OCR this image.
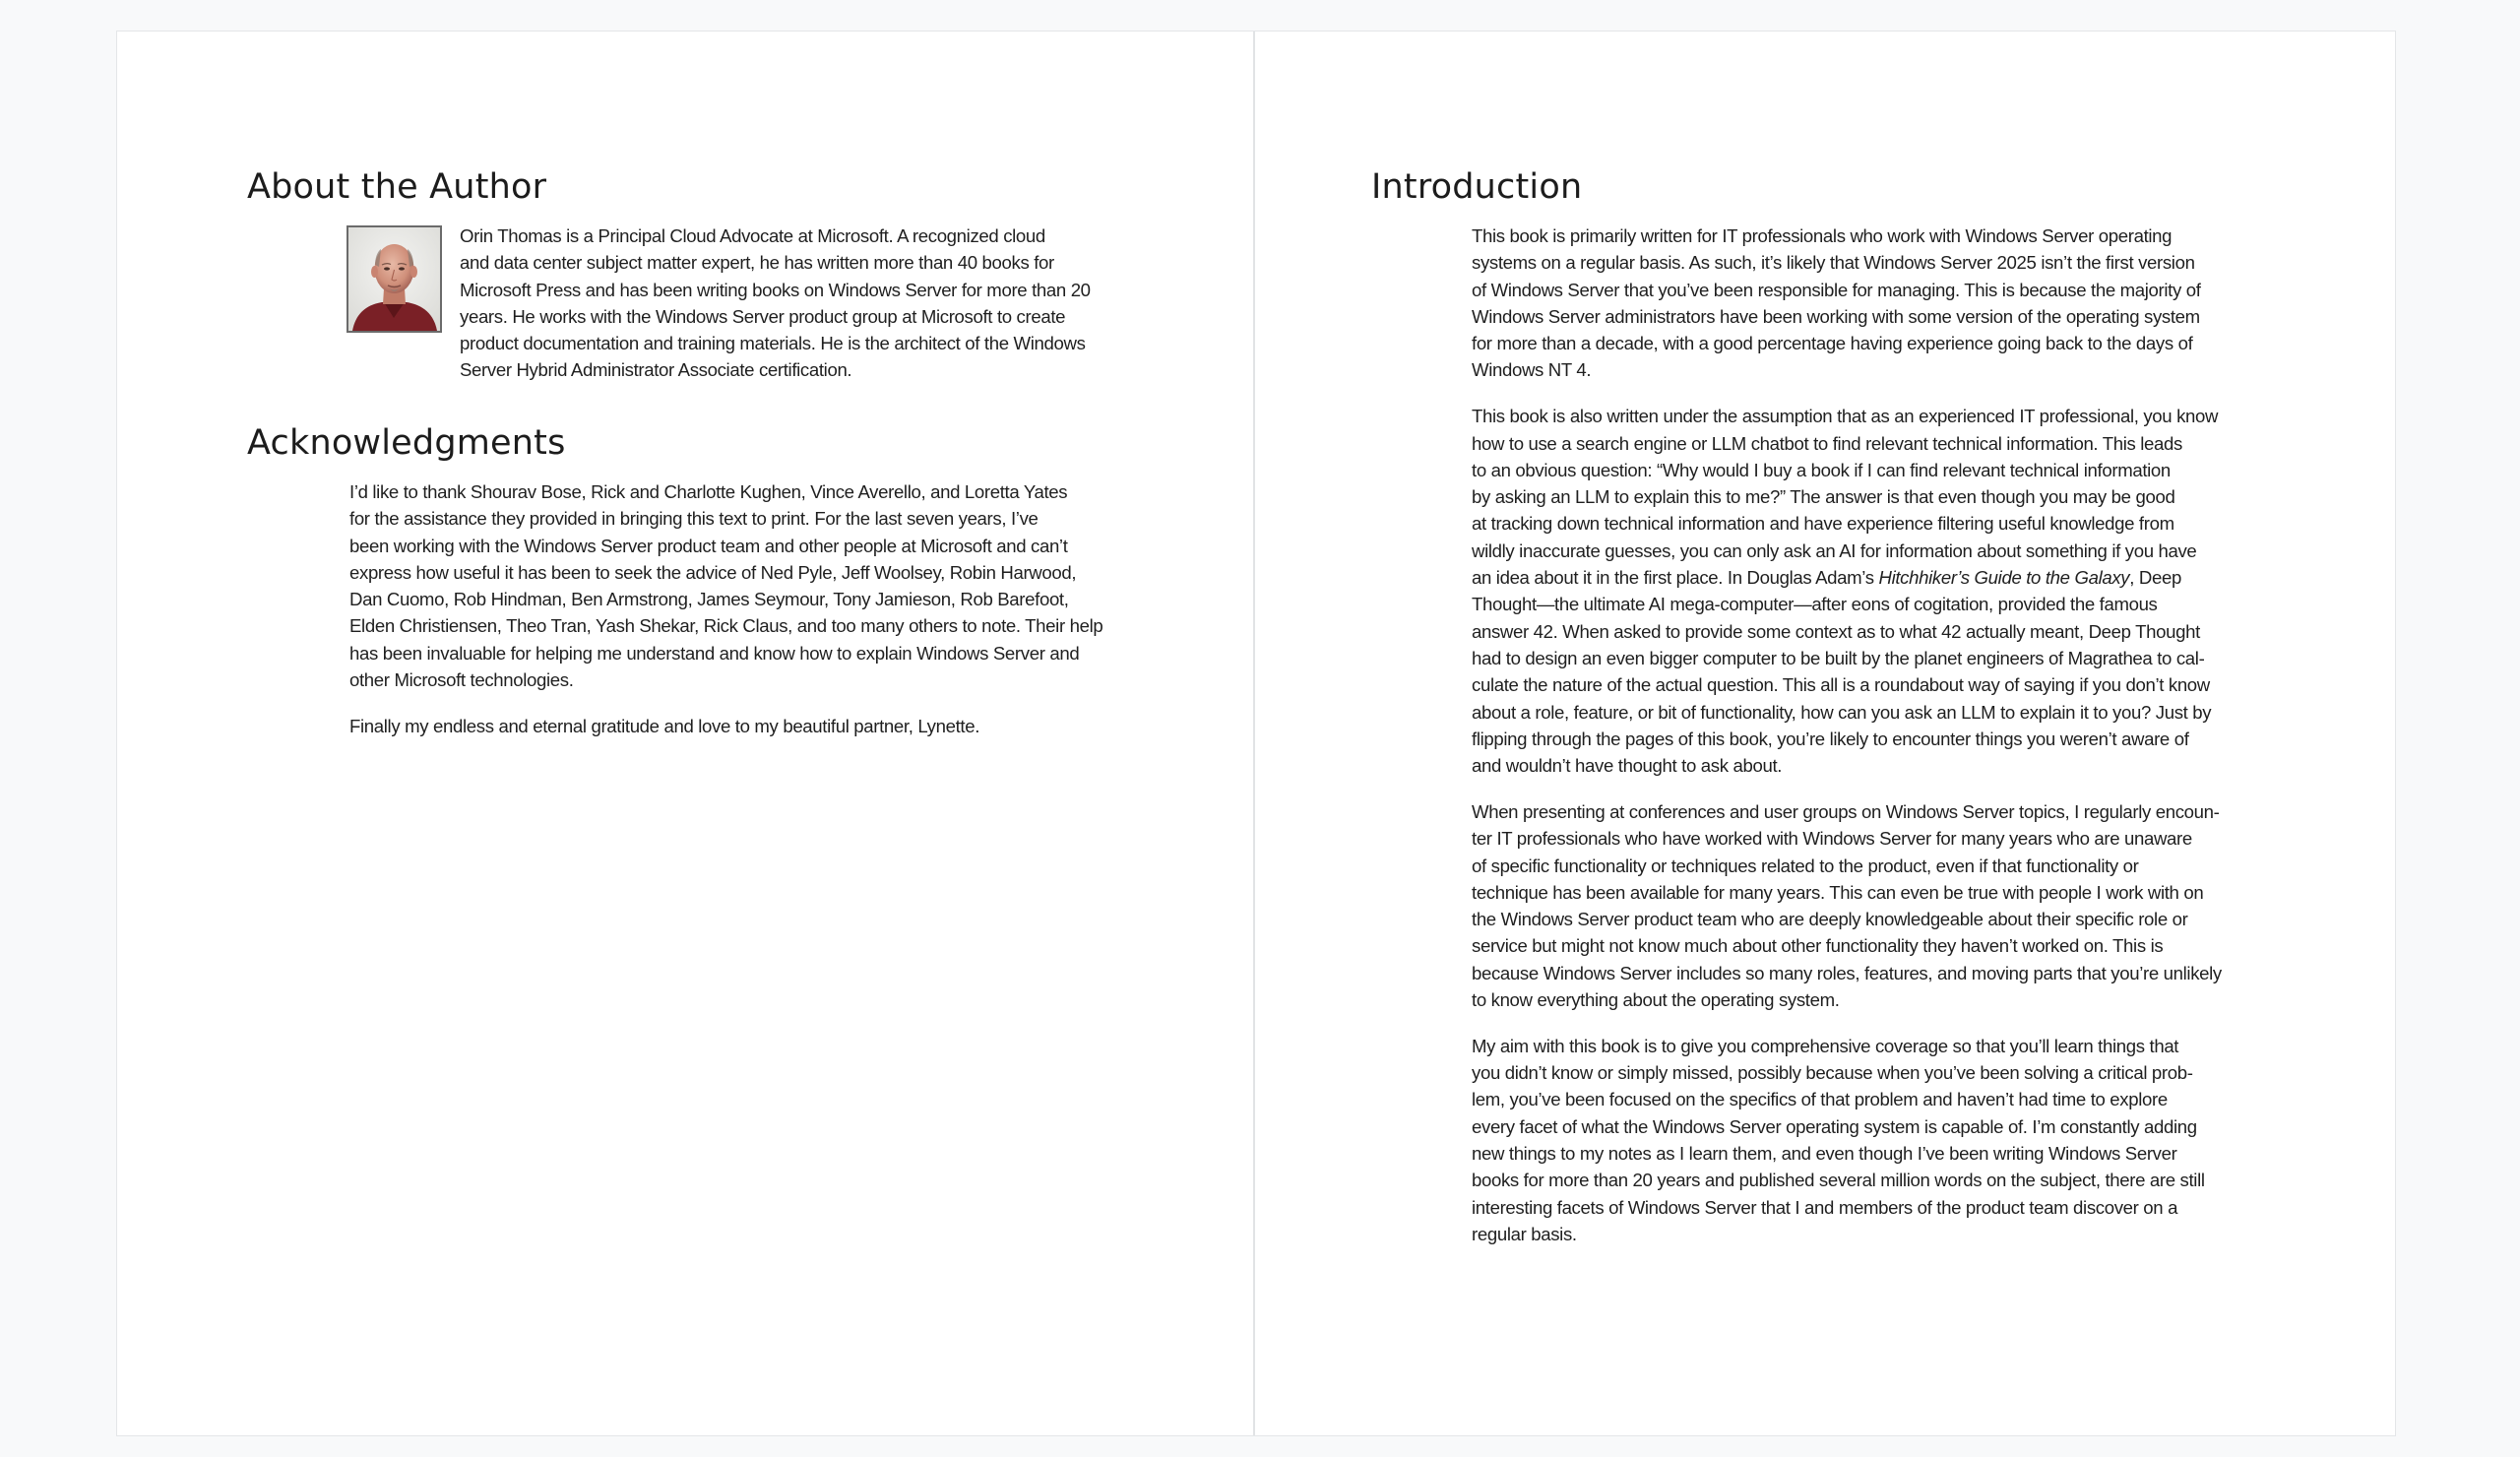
About the Author

Orin Thomas is a Principal Cloud Advocate at Microsoft. A recognized cloud
and data center subject matter expert, he has written more than 40 books for
Microsoft Press and has been writing books on Windows Server for more than 20
years. He works with the Windows Server product group at Microsoft to create
product documentation and training materials. He is the architect of the Windows
Server Hybrid Administrator Associate certification.

Acknowledgments

I’d like to thank Shourav Bose, Rick and Charlotte Kughen, Vince Averello, and Loretta Yates
for the assistance they provided in bringing this text to print. For the last seven years, I’ve
been working with the Windows Server product team and other people at Microsoft and can’t
express how useful it has been to seek the advice of Ned Pyle, Jeff Woolsey, Robin Harwood,
Dan Cuomo, Rob Hindman, Ben Armstrong, James Seymour, Tony Jamieson, Rob Barefoot,
Elden Christiensen, Theo Tran, Yash Shekar, Rick Claus, and too many others to note. Their help
has been invaluable for helping me understand and know how to explain Windows Server and
other Microsoft technologies.

Finally my endless and eternal gratitude and love to my beautiful partner, Lynette.

Introduction

This book is primarily written for IT professionals who work with Windows Server operating
systems on a regular basis. As such, it’s likely that Windows Server 2025 isn’t the first version
of Windows Server that you’ve been responsible for managing. This is because the majority of
Windows Server administrators have been working with some version of the operating system
for more than a decade, with a good percentage having experience going back to the days of
Windows NT 4.

This book is also written under the assumption that as an experienced IT professional, you know
how to use a search engine or LLM chatbot to find relevant technical information. This leads
to an obvious question: “Why would I buy a book if I can find relevant technical information
by asking an LLM to explain this to me?” The answer is that even though you may be good
at tracking down technical information and have experience filtering useful knowledge from
wildly inaccurate guesses, you can only ask an AI for information about something if you have
an idea about it in the first place. In Douglas Adam’s Hitchhiker’s Guide to the Galaxy, Deep
Thought—the ultimate AI mega-computer—after eons of cogitation, provided the famous
answer 42. When asked to provide some context as to what 42 actually meant, Deep Thought
had to design an even bigger computer to be built by the planet engineers of Magrathea to cal-
culate the nature of the actual question. This all is a roundabout way of saying if you don’t know
about a role, feature, or bit of functionality, how can you ask an LLM to explain it to you? Just by
flipping through the pages of this book, you’re likely to encounter things you weren’t aware of
and wouldn’t have thought to ask about.

When presenting at conferences and user groups on Windows Server topics, I regularly encoun-
ter IT professionals who have worked with Windows Server for many years who are unaware
of specific functionality or techniques related to the product, even if that functionality or
technique has been available for many years. This can even be true with people I work with on
the Windows Server product team who are deeply knowledgeable about their specific role or
service but might not know much about other functionality they haven’t worked on. This is
because Windows Server includes so many roles, features, and moving parts that you’re unlikely
to know everything about the operating system.

My aim with this book is to give you comprehensive coverage so that you’ll learn things that
you didn’t know or simply missed, possibly because when you’ve been solving a critical prob-
lem, you’ve been focused on the specifics of that problem and haven’t had time to explore
every facet of what the Windows Server operating system is capable of. I’m constantly adding
new things to my notes as I learn them, and even though I’ve been writing Windows Server
books for more than 20 years and published several million words on the subject, there are still
interesting facets of Windows Server that I and members of the product team discover on a
regular basis.
